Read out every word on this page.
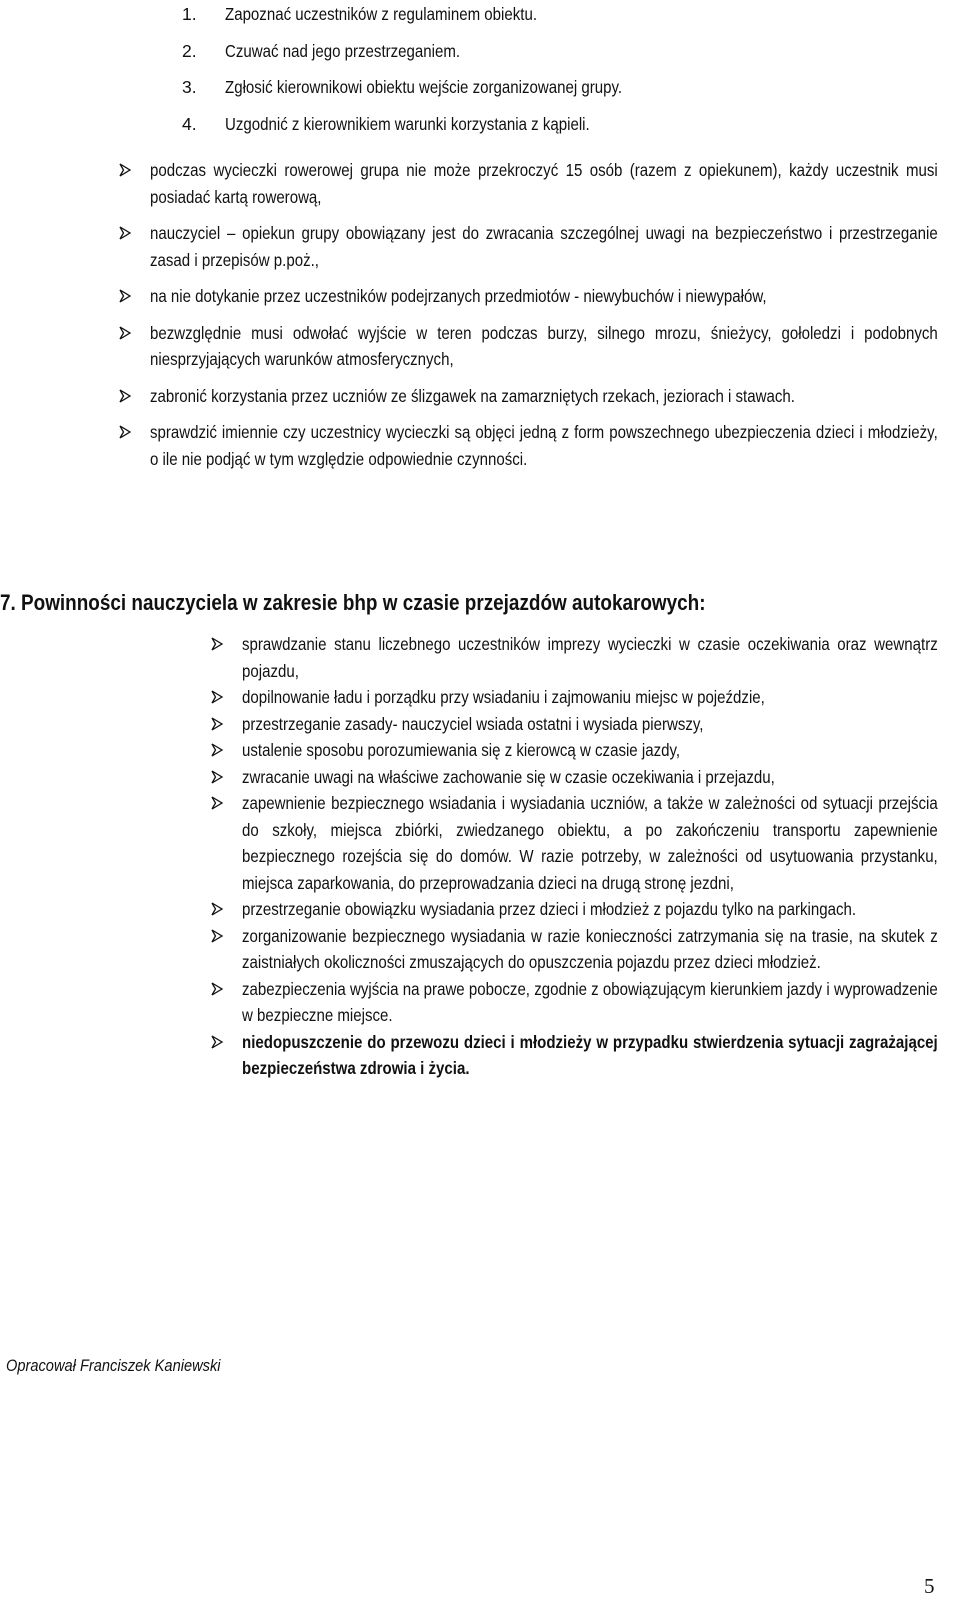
1.	Zapoznać uczestników z regulaminem obiektu.
2.	Czuwać nad jego przestrzeganiem.
3.	Zgłosić kierownikowi obiektu wejście zorganizowanej grupy.
4.	Uzgodnić z kierownikiem warunki korzystania z kąpieli.
podczas wycieczki rowerowej grupa nie może przekroczyć 15 osób (razem z opiekunem), każdy uczestnik musi posiadać kartą rowerową,
nauczyciel – opiekun grupy obowiązany jest do zwracania szczególnej uwagi na bezpieczeństwo i przestrzeganie zasad i przepisów p.poż.,
na nie dotykanie przez uczestników podejrzanych przedmiotów - niewybuchów i niewypałów,
bezwzględnie musi odwołać wyjście w teren podczas burzy, silnego mrozu, śnieżycy, gołoledzi i podobnych niesprzyjających warunków atmosferycznych,
zabronić korzystania przez uczniów ze ślizgawek na zamarzniętych rzekach, jeziorach i stawach.
sprawdzić imiennie czy uczestnicy wycieczki są objęci jedną z form powszechnego ubezpieczenia dzieci i młodzieży, o ile nie podjąć w tym względzie odpowiednie czynności.
7. Powinności nauczyciela w zakresie bhp w czasie przejazdów autokarowych:
sprawdzanie stanu liczebnego uczestników imprezy wycieczki w czasie oczekiwania oraz wewnątrz pojazdu,
dopilnowanie ładu i porządku przy wsiadaniu i zajmowaniu miejsc w pojeździe,
przestrzeganie zasady- nauczyciel wsiada ostatni i wysiada pierwszy,
ustalenie sposobu porozumiewania się z kierowcą w czasie jazdy,
zwracanie uwagi na właściwe zachowanie się w czasie oczekiwania i przejazdu,
zapewnienie bezpiecznego wsiadania i wysiadania uczniów, a także w zależności od sytuacji przejścia do szkoły, miejsca zbiórki, zwiedzanego obiektu, a po zakończeniu transportu zapewnienie bezpiecznego rozejścia się do domów. W razie potrzeby, w zależności od usytuowania przystanku, miejsca zaparkowania, do przeprowadzania dzieci na drugą stronę jezdni,
przestrzeganie obowiązku wysiadania przez dzieci i młodzież z pojazdu tylko na parkingach.
zorganizowanie bezpiecznego wysiadania w razie konieczności zatrzymania się na trasie, na skutek z zaistniałych okoliczności zmuszających do opuszczenia pojazdu przez dzieci młodzież.
zabezpieczenia wyjścia na prawe pobocze, zgodnie z obowiązującym kierunkiem jazdy i wyprowadzenie w bezpieczne miejsce.
niedopuszczenie do przewozu dzieci i młodzieży w przypadku stwierdzenia sytuacji zagrażającej bezpieczeństwa zdrowia i życia.
Opracował Franciszek Kaniewski
5
